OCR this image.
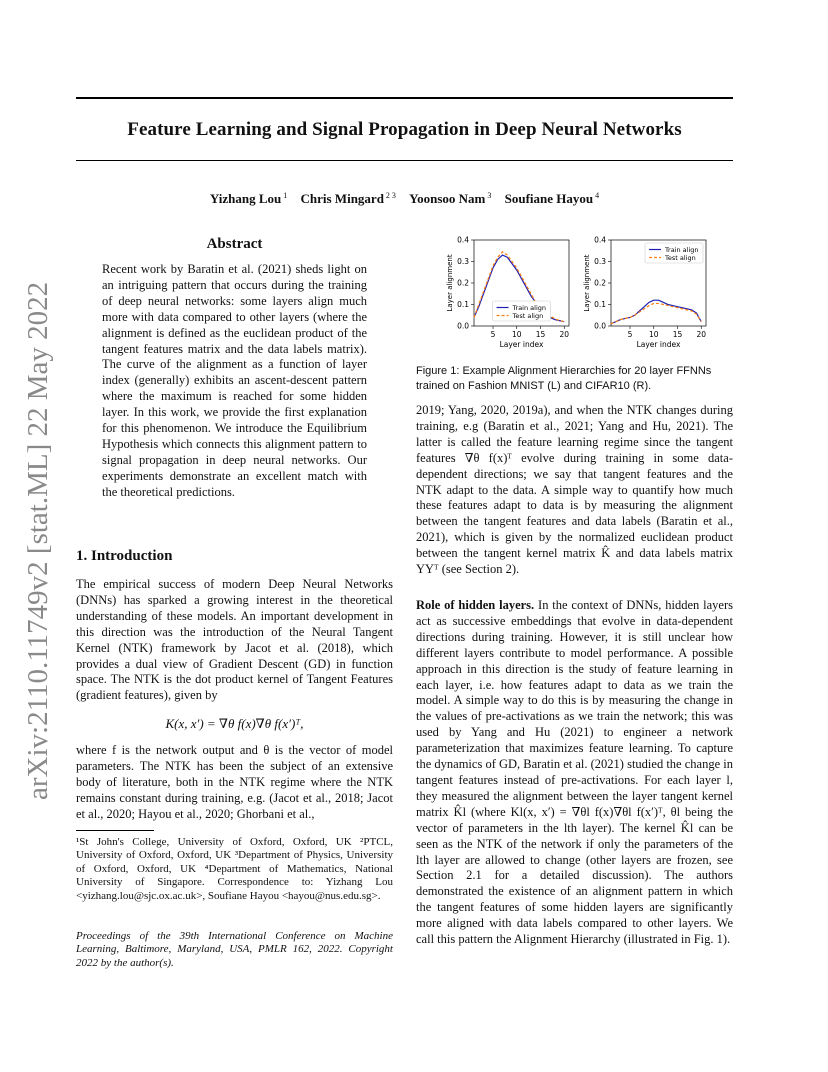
Feature Learning and Signal Propagation in Deep Neural Networks
Yizhang Lou $^1$ Chris Mingard $^{2 3}$ Yoonsoo Nam $^3$ Soufiane Hayou $^4$
arXiv:2110.11749v2 [stat.ML] 22 May 2022
Abstract
Recent work by Baratin et al. (2021) sheds light on an intriguing pattern that occurs during the training of deep neural networks: some layers align much more with data compared to other layers (where the alignment is defined as the euclidean product of the tangent features matrix and the data labels matrix). The curve of the alignment as a function of layer index (generally) exhibits an ascent-descent pattern where the maximum is reached for some hidden layer. In this work, we provide the first explanation for this phenomenon. We introduce the Equilibrium Hypothesis which connects this alignment pattern to signal propagation in deep neural networks. Our experiments demonstrate an excellent match with the theoretical predictions.
1. Introduction
The empirical success of modern Deep Neural Networks (DNNs) has sparked a growing interest in the theoretical understanding of these models. An important development in this direction was the introduction of the Neural Tangent Kernel (NTK) framework by Jacot et al. (2018), which provides a dual view of Gradient Descent (GD) in function space. The NTK is the dot product kernel of Tangent Features (gradient features), given by
K(x, x′) = ∇θ f(x)∇θ f(x′)ᵀ,
where f is the network output and θ is the vector of model parameters. The NTK has been the subject of an extensive body of literature, both in the NTK regime where the NTK remains constant during training, e.g. (Jacot et al., 2018; Jacot et al., 2020; Hayou et al., 2020; Ghorbani et al.,
¹St John's College, University of Oxford, Oxford, UK ²PTCL, University of Oxford, Oxford, UK ³Department of Physics, University of Oxford, Oxford, UK ⁴Department of Mathematics, National University of Singapore. Correspondence to: Yizhang Lou <yizhang.lou@sjc.ox.ac.uk>, Soufiane Hayou <hayou@nus.edu.sg>.
Proceedings of the 39th International Conference on Machine Learning, Baltimore, Maryland, USA, PMLR 162, 2022. Copyright 2022 by the author(s).
0.0
0.1
0.2
0.3
0.4
5 10 15 20
Layer index
Layer alignment	Train align
Test align
0.0
0.1
0.2
0.3
0.4
5 10 15 20
Layer index
Layer alignment
Train align
Test align
Figure 1: Example Alignment Hierarchies for 20 layer FFNNs trained on Fashion MNIST (L) and CIFAR10 (R).
2019; Yang, 2020, 2019a), and when the NTK changes during training, e.g (Baratin et al., 2021; Yang and Hu, 2021). The latter is called the feature learning regime since the tangent features ∇θ f(x)ᵀ evolve during training in some data-dependent directions; we say that tangent features and the NTK adapt to the data. A simple way to quantify how much these features adapt to data is by measuring the alignment between the tangent features and data labels (Baratin et al., 2021), which is given by the normalized euclidean product between the tangent kernel matrix K̂ and data labels matrix YYᵀ (see Section 2).
Role of hidden layers. In the context of DNNs, hidden layers act as successive embeddings that evolve in data-dependent directions during training. However, it is still unclear how different layers contribute to model performance. A possible approach in this direction is the study of feature learning in each layer, i.e. how features adapt to data as we train the model. A simple way to do this is by measuring the change in the values of pre-activations as we train the network; this was used by Yang and Hu (2021) to engineer a network parameterization that maximizes feature learning. To capture the dynamics of GD, Baratin et al. (2021) studied the change in tangent features instead of pre-activations. For each layer l, they measured the alignment between the layer tangent kernel matrix K̂l (where Kl(x, x′) = ∇θl f(x)∇θl f(x′)ᵀ, θl being the vector of parameters in the lth layer). The kernel K̂l can be seen as the NTK of the network if only the parameters of the lth layer are allowed to change (other layers are frozen, see Section 2.1 for a detailed discussion). The authors demonstrated the existence of an alignment pattern in which the tangent features of some hidden layers are significantly more aligned with data labels compared to other layers. We call this pattern the Alignment Hierarchy (illustrated in Fig. 1).
